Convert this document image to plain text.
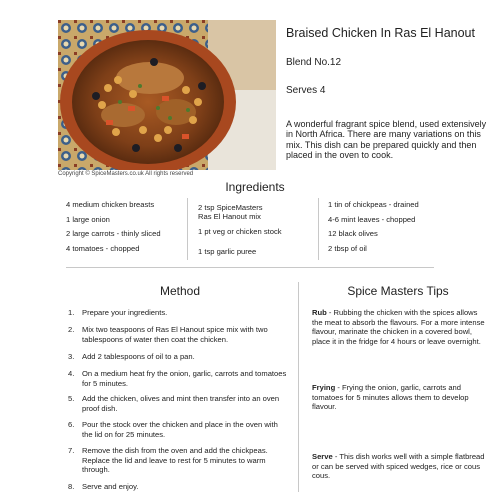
Copyright © SpiceMasters.co.uk All rights reserved
Braised Chicken In Ras El Hanout
Blend No.12
Serves 4
A wonderful fragrant spice blend, used extensively in North Africa. There are many variations on this mix. This dish can be prepared quickly and then placed in the oven to cook.
Ingredients
4 medium chicken breasts
1 large onion
2 large carrots - thinly sliced
4 tomatoes - chopped
2 tsp SpiceMasters
Ras El Hanout mix
1 pt veg or chicken stock
1 tsp garlic puree
1 tin of chickpeas - drained
4-6 mint leaves - chopped
12 black olives
2 tbsp of oil
Method
1.	Prepare your ingredients.
2.	Mix two teaspoons of Ras El Hanout spice mix with two tablespoons of water then coat the chicken.
3.	Add 2 tablespoons of oil to a pan.
4.	On a medium heat fry the onion, garlic, carrots and tomatoes for 5 minutes.
5.	Add the chicken, olives and mint then transfer into an oven proof dish.
6.	Pour the stock over the chicken and place in the oven with the lid on for 25 minutes.
7.	Remove the dish from the oven and add the chickpeas. Replace the lid and leave to rest for 5 minutes to warm through.
8.	Serve and enjoy.
Spice Masters Tips
Rub - Rubbing the chicken with the spices allows the meat to absorb the flavours. For a more intense flavour, marinate the chicken in a covered bowl, place it in the fridge for 4 hours or leave overnight.
Frying - Frying the onion, garlic, carrots and tomatoes for 5 minutes allows them to develop flavour.
Serve - This dish works well with a simple flatbread or can be served with spiced wedges, rice or cous cous.
